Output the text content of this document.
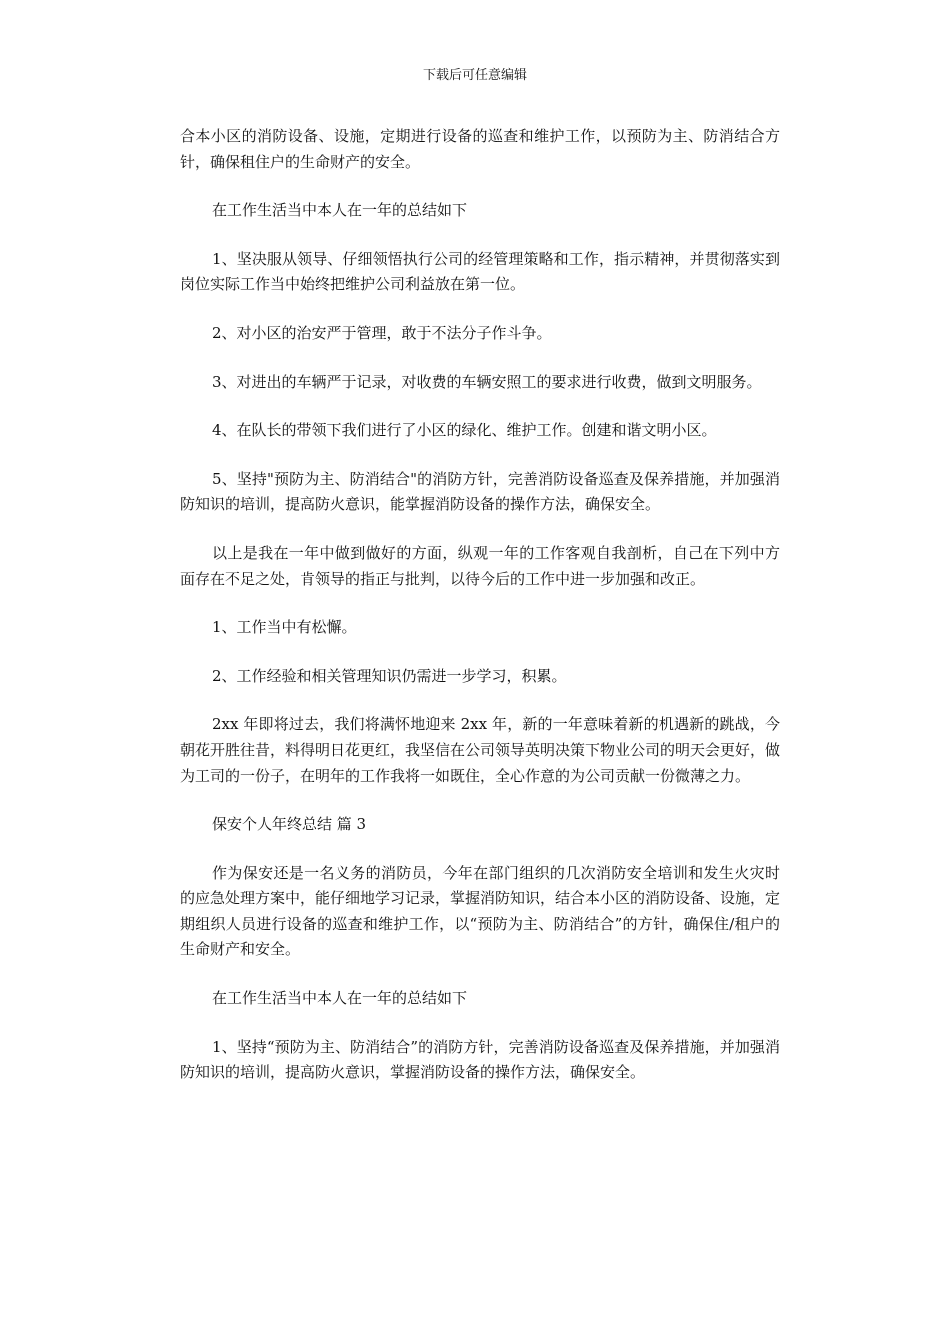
下载后可任意编辑

合本小区的消防设备、设施，定期进行设备的巡查和维护工作，以预防为主、防消结合方针，确保租住户的生命财产的安全。

在工作生活当中本人在一年的总结如下

1、坚决服从领导、仔细领悟执行公司的经管理策略和工作，指示精神，并贯彻落实到岗位实际工作当中始终把维护公司利益放在第一位。

2、对小区的治安严于管理，敢于不法分子作斗争。

3、对进出的车辆严于记录，对收费的车辆安照工的要求进行收费，做到文明服务。

4、在队长的带领下我们进行了小区的绿化、维护工作。创建和谐文明小区。

5、坚持"预防为主、防消结合"的消防方针，完善消防设备巡查及保养措施，并加强消防知识的培训，提高防火意识，能掌握消防设备的操作方法，确保安全。

以上是我在一年中做到做好的方面，纵观一年的工作客观自我剖析，自己在下列中方面存在不足之处，肯领导的指正与批判，以待今后的工作中进一步加强和改正。

1、工作当中有松懈。

2、工作经验和相关管理知识仍需进一步学习，积累。

2xx 年即将过去，我们将满怀地迎来 2xx 年，新的一年意味着新的机遇新的跳战，今朝花开胜往昔，料得明日花更红，我坚信在公司领导英明决策下物业公司的明天会更好，做为工司的一份子，在明年的工作我将一如既住，全心作意的为公司贡献一份微薄之力。

保安个人年终总结 篇 3

作为保安还是一名义务的消防员，今年在部门组织的几次消防安全培训和发生火灾时的应急处理方案中，能仔细地学习记录，掌握消防知识，结合本小区的消防设备、设施，定期组织人员进行设备的巡查和维护工作，以“预防为主、防消结合”的方针，确保住/租户的生命财产和安全。

在工作生活当中本人在一年的总结如下

1、坚持“预防为主、防消结合”的消防方针，完善消防设备巡查及保养措施，并加强消防知识的培训，提高防火意识，掌握消防设备的操作方法，确保安全。
